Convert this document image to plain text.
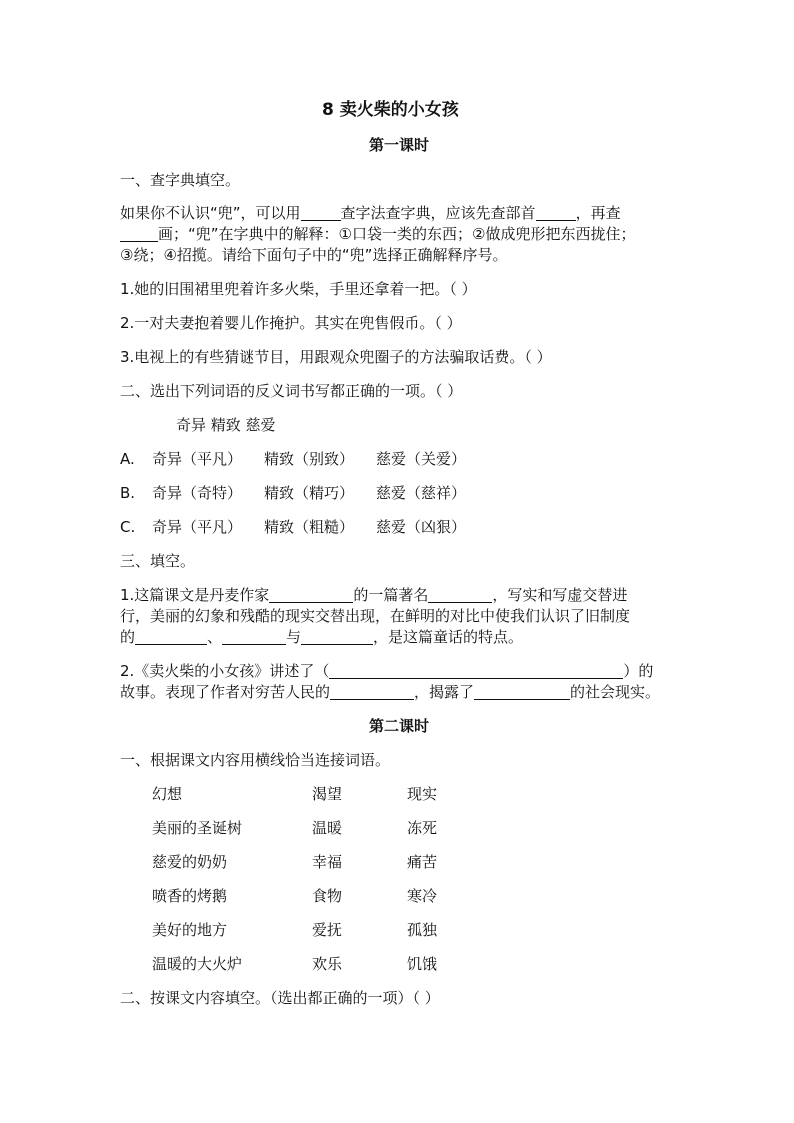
8 卖火柴的小女孩
第一课时
一、查字典填空。
如果你不认识“兜”，可以用	查字法查字典，应该先查部首	，再查
画；“兜”在字典中的解释：①口袋一类的东西；②做成兜形把东西拢住；
③绕；④招揽。请给下面句子中的“兜”选择正确解释序号。
1.她的旧围裙里兜着许多火柴，手里还拿着一把。（ ）
2.一对夫妻抱着婴儿作掩护。其实在兜售假币。（ ）
3.电视上的有些猜谜节目，用跟观众兜圈子的方法骗取话费。（ ）
二、选出下列词语的反义词书写都正确的一项。（ ）
奇异 精致 慈爱
A. 奇异（平凡） 精致（别致） 慈爱（关爱）
B. 奇异（奇特） 精致（精巧） 慈爱（慈祥）
C. 奇异（平凡） 精致（粗糙） 慈爱（凶狠）
三、填空。
1.这篇课文是丹麦作家	的一篇著名	，写实和写虚交替进
行，美丽的幻象和残酷的现实交替出现，在鲜明的对比中使我们认识了旧制度
的	、	与	，是这篇童话的特点。
2.《卖火柴的小女孩》讲述了（	）的
故事。表现了作者对穷苦人民的	，揭露了	的社会现实。
第二课时
一、根据课文内容用横线恰当连接词语。
幻想	渴望	现实
美丽的圣诞树	温暖	冻死
慈爱的奶奶	幸福	痛苦
喷香的烤鹅	食物	寒冷
美好的地方	爱抚	孤独
温暖的大火炉	欢乐	饥饿
二、按课文内容填空。（选出都正确的一项）（ ）
